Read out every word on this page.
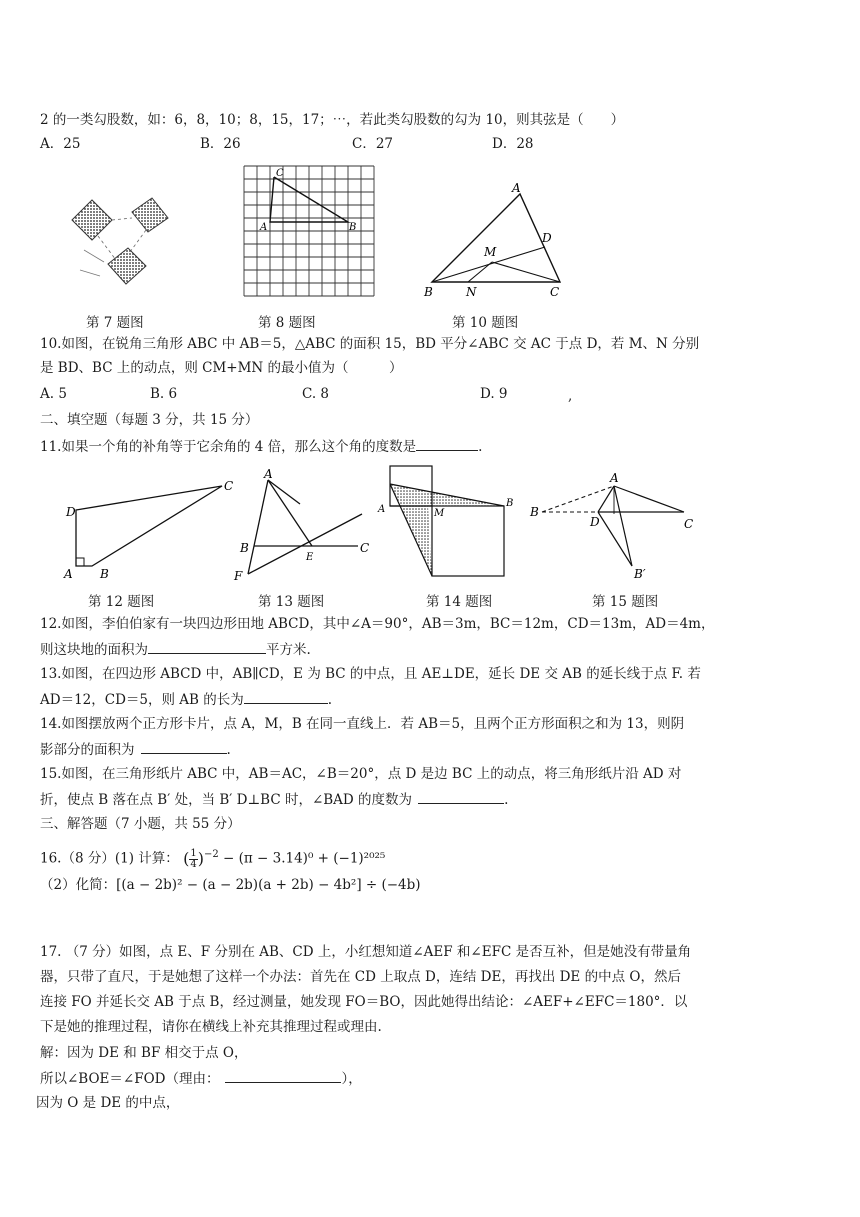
2 的一类勾股数，如：6，8，10；8，15，17；⋯，若此类勾股数的勾为 10，则其弦是（　　）
A．25	B．26	C．27	D．28
第 7 题图
C
A	B
第 8 题图
A
D
M
B	N	C
第 10 题图
10.如图，在锐角三角形 ABC 中 AB＝5，△ABC 的面积 15，BD 平分∠ABC 交 AC 于点 D，若 M、N 分别
是 BD、BC 上的动点，则 CM+MN 的最小值为（　　　）
A. 5	B. 6	C. 8	D. 9	,
二、填空题（每题 3 分，共 15 分）
11.如果一个角的补角等于它余角的 4 倍，那么这个角的度数是	.
D
C
A B
第 12 题图
A
B
E
C
F
第 13 题图
A	M
B
第 14 题图
A
B
D	C
B′
第 15 题图
12.如图，李伯伯家有一块四边形田地 ABCD，其中∠A＝90°，AB＝3m，BC＝12m，CD＝13m，AD＝4m，
则这块地的面积为	平方米.
13.如图，在四边形 ABCD 中，AB∥CD，E 为 BC 的中点，且 AE⊥DE，延长 DE 交 AB 的延长线于点 F. 若
AD＝12，CD＝5，则 AB 的长为	.
14.如图摆放两个正方形卡片，点 A，M，B 在同一直线上．若 AB＝5，且两个正方形面积之和为 13，则阴
影部分的面积为	.
15.如图，在三角形纸片 ABC 中，AB＝AC，∠B＝20°，点 D 是边 BC 上的动点，将三角形纸片沿 AD 对
折，使点 B 落在点 B′ 处，当 B′ D⊥BC 时，∠BAD 的度数为	.
三、解答题（7 小题，共 55 分）
16.（8 分）(1) 计算： ( $\frac{1}{4} )^{-2} - (\pi - 3.14)^0 + (-1)^{2025}$
（2）化简：[(a − 2b)² − (a − 2b)(a + 2b) − 4b²] ÷ (−4b)
17. （7 分）如图，点 E、F 分别在 AB、CD 上，小红想知道∠AEF 和∠EFC 是否互补，但是她没有带量角
器，只带了直尺，于是她想了这样一个办法：首先在 CD 上取点 D，连结 DE，再找出 DE 的中点 O，然后
连接 FO 并延长交 AB 于点 B，经过测量，她发现 FO＝BO，因此她得出结论：∠AEF+∠EFC＝180°．以
下是她的推理过程，请你在横线上补充其推理过程或理由.
解：因为 DE 和 BF 相交于点 O，
所以∠BOE＝∠FOD（理由：	），
因为 O 是 DE 的中点，
